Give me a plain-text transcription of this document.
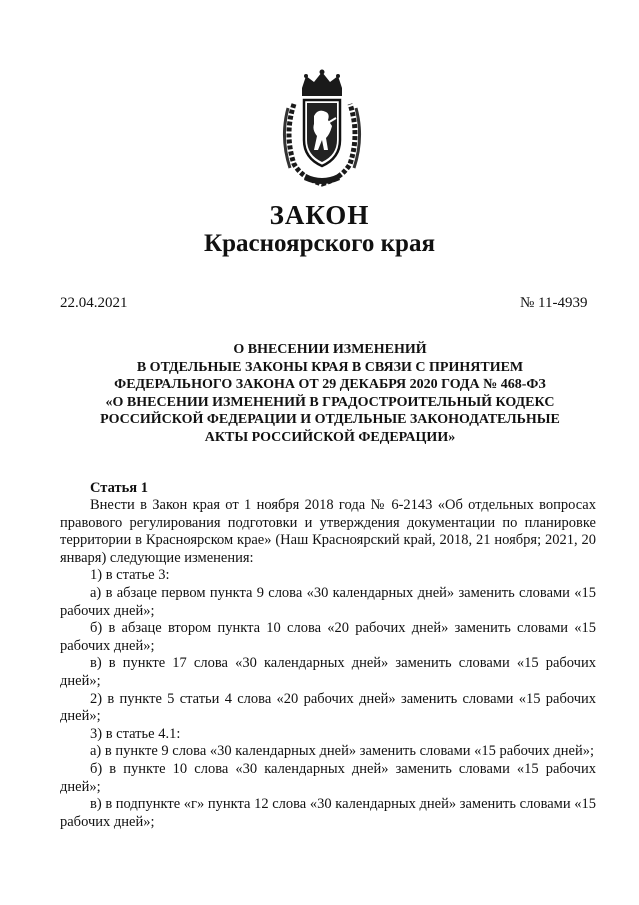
ЗАКОН
Красноярского края
22.04.2021	№ 11-4939
О ВНЕСЕНИИ ИЗМЕНЕНИЙ
В ОТДЕЛЬНЫЕ ЗАКОНЫ КРАЯ В СВЯЗИ С ПРИНЯТИЕМ
ФЕДЕРАЛЬНОГО ЗАКОНА ОТ 29 ДЕКАБРЯ 2020 ГОДА № 468-ФЗ
«О ВНЕСЕНИИ ИЗМЕНЕНИЙ В ГРАДОСТРОИТЕЛЬНЫЙ КОДЕКС
РОССИЙСКОЙ ФЕДЕРАЦИИ И ОТДЕЛЬНЫЕ ЗАКОНОДАТЕЛЬНЫЕ
АКТЫ РОССИЙСКОЙ ФЕДЕРАЦИИ»
Статья 1

Внести в Закон края от 1 ноября 2018 года № 6-2143 «Об отдельных вопросах правового регулирования подготовки и утверждения документации по планировке территории в Красноярском крае» (Наш Красноярский край, 2018, 21 ноября; 2021, 20 января) следующие изменения:

1) в статье 3:

а) в абзаце первом пункта 9 слова «30 календарных дней» заменить словами «15 рабочих дней»;

б) в абзаце втором пункта 10 слова «20 рабочих дней» заменить словами «15 рабочих дней»;

в) в пункте 17 слова «30 календарных дней» заменить словами «15 рабочих дней»;

2) в пункте 5 статьи 4 слова «20 рабочих дней» заменить словами «15 рабочих дней»;

3) в статье 4.1:

а) в пункте 9 слова «30 календарных дней» заменить словами «15 рабочих дней»;

б) в пункте 10 слова «30 календарных дней» заменить словами «15 рабочих дней»;

в) в подпункте «г» пункта 12 слова «30 календарных дней» заменить словами «15 рабочих дней»;
